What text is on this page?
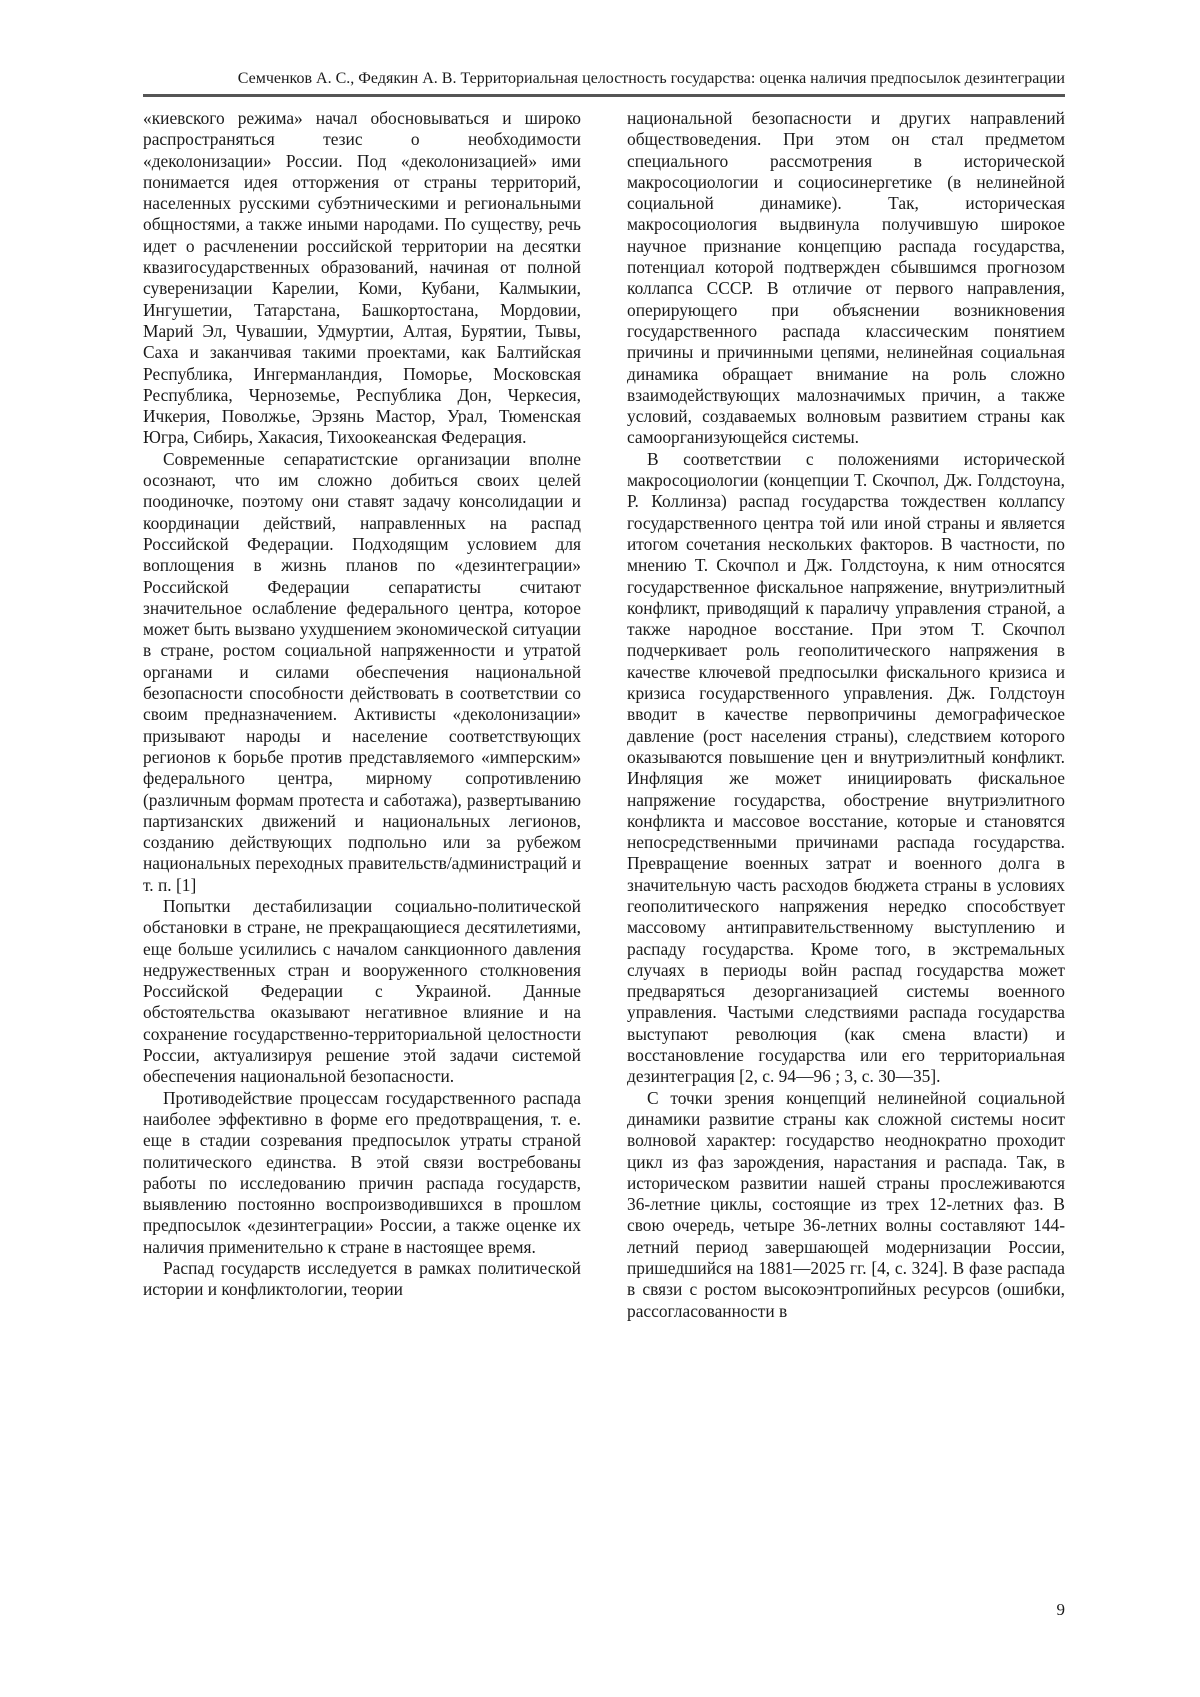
Семченков А. С., Федякин А. В. Территориальная целостность государства: оценка наличия предпосылок дезинтеграции

«киевского режима» начал обосновываться и широко распространяться тезис о необходимости «деколонизации» России. Под «деколонизацией» ими понимается идея отторжения от страны территорий, населенных русскими субэтническими и региональными общностями, а также иными народами. По существу, речь идет о расчленении российской территории на десятки квазигосударственных образований, начиная от полной суверенизации Карелии, Коми, Кубани, Калмыкии, Ингушетии, Татарстана, Башкортостана, Мордовии, Марий Эл, Чувашии, Удмуртии, Алтая, Бурятии, Тывы, Саха и заканчивая такими проектами, как Балтийская Республика, Ингерманландия, Поморье, Московская Республика, Черноземье, Республика Дон, Черкесия, Ичкерия, Поволжье, Эрзянь Мастор, Урал, Тюменская Югра, Сибирь, Хакасия, Тихоокеанская Федерация.

Современные сепаратистские организации вполне осознают, что им сложно добиться своих целей поодиночке, поэтому они ставят задачу консолидации и координации действий, направленных на распад Российской Федерации. Подходящим условием для воплощения в жизнь планов по «дезинтеграции» Российской Федерации сепаратисты считают значительное ослабление федерального центра, которое может быть вызвано ухудшением экономической ситуации в стране, ростом социальной напряженности и утратой органами и силами обеспечения национальной безопасности способности действовать в соответствии со своим предназначением. Активисты «деколонизации» призывают народы и население соответствующих регионов к борьбе против представляемого «имперским» федерального центра, мирному сопротивлению (различным формам протеста и саботажа), развертыванию партизанских движений и национальных легионов, созданию действующих подпольно или за рубежом национальных переходных правительств/администраций и т. п. [1]

Попытки дестабилизации социально-политической обстановки в стране, не прекращающиеся десятилетиями, еще больше усилились с началом санкционного давления недружественных стран и вооруженного столкновения Российской Федерации с Украиной. Данные обстоятельства оказывают негативное влияние и на сохранение государственно-территориальной целостности России, актуализируя решение этой задачи системой обеспечения национальной безопасности.

Противодействие процессам государственного распада наиболее эффективно в форме его предотвращения, т. е. еще в стадии созревания предпосылок утраты страной политического единства. В этой связи востребованы работы по исследованию причин распада государств, выявлению постоянно воспроизводившихся в прошлом предпосылок «дезинтеграции» России, а также оценке их наличия применительно к стране в настоящее время.

Распад государств исследуется в рамках политической истории и конфликтологии, теории

национальной безопасности и других направлений обществоведения. При этом он стал предметом специального рассмотрения в исторической макросоциологии и социосинергетике (в нелинейной социальной динамике). Так, историческая макросоциология выдвинула получившую широкое научное признание концепцию распада государства, потенциал которой подтвержден сбывшимся прогнозом коллапса СССР. В отличие от первого направления, оперирующего при объяснении возникновения государственного распада классическим понятием причины и причинными цепями, нелинейная социальная динамика обращает внимание на роль сложно взаимодействующих малозначимых причин, а также условий, создаваемых волновым развитием страны как самоорганизующейся системы.

В соответствии с положениями исторической макросоциологии (концепции Т. Скочпол, Дж. Голдстоуна, Р. Коллинза) распад государства тождествен коллапсу государственного центра той или иной страны и является итогом сочетания нескольких факторов. В частности, по мнению Т. Скочпол и Дж. Голдстоуна, к ним относятся государственное фискальное напряжение, внутриэлитный конфликт, приводящий к параличу управления страной, а также народное восстание. При этом Т. Скочпол подчеркивает роль геополитического напряжения в качестве ключевой предпосылки фискального кризиса и кризиса государственного управления. Дж. Голдстоун вводит в качестве первопричины демографическое давление (рост населения страны), следствием которого оказываются повышение цен и внутриэлитный конфликт. Инфляция же может инициировать фискальное напряжение государства, обострение внутриэлитного конфликта и массовое восстание, которые и становятся непосредственными причинами распада государства. Превращение военных затрат и военного долга в значительную часть расходов бюджета страны в условиях геополитического напряжения нередко способствует массовому антиправительственному выступлению и распаду государства. Кроме того, в экстремальных случаях в периоды войн распад государства может предваряться дезорганизацией системы военного управления. Частыми следствиями распада государства выступают революция (как смена власти) и восстановление государства или его территориальная дезинтеграция [2, с. 94—96 ; 3, с. 30—35].

С точки зрения концепций нелинейной социальной динамики развитие страны как сложной системы носит волновой характер: государство неоднократно проходит цикл из фаз зарождения, нарастания и распада. Так, в историческом развитии нашей страны прослеживаются 36-летние циклы, состоящие из трех 12-летних фаз. В свою очередь, четыре 36-летних волны составляют 144-летний период завершающей модернизации России, пришедшийся на 1881—2025 гг. [4, с. 324]. В фазе распада в связи с ростом высокоэнтропийных ресурсов (ошибки, рассогласованности в

9
